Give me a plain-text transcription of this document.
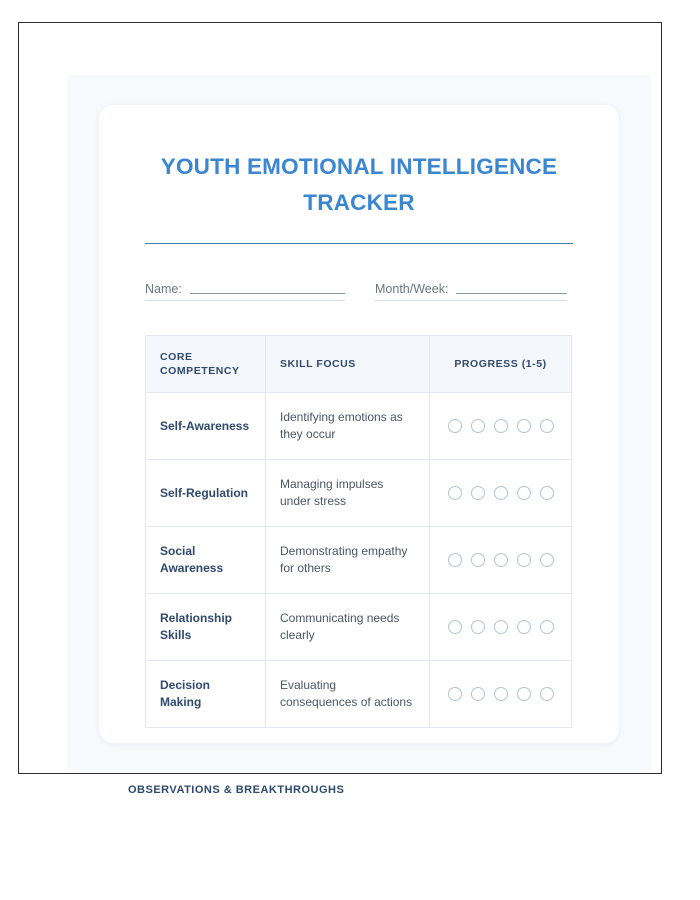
YOUTH EMOTIONAL INTELLIGENCE
TRACKER
Name:	Month/Week:
CORE
COMPETENCY	SKILL FOCUS	PROGRESS (1-5)
Self-Awareness	Identifying emotions as they occur	

Self-Regulation	Managing impulses under stress	

Social Awareness	Demonstrating empathy for others	

Relationship Skills	Communicating needs clearly	

Decision Making	Evaluating consequences of actions	
OBSERVATIONS & BREAKTHROUGHS
